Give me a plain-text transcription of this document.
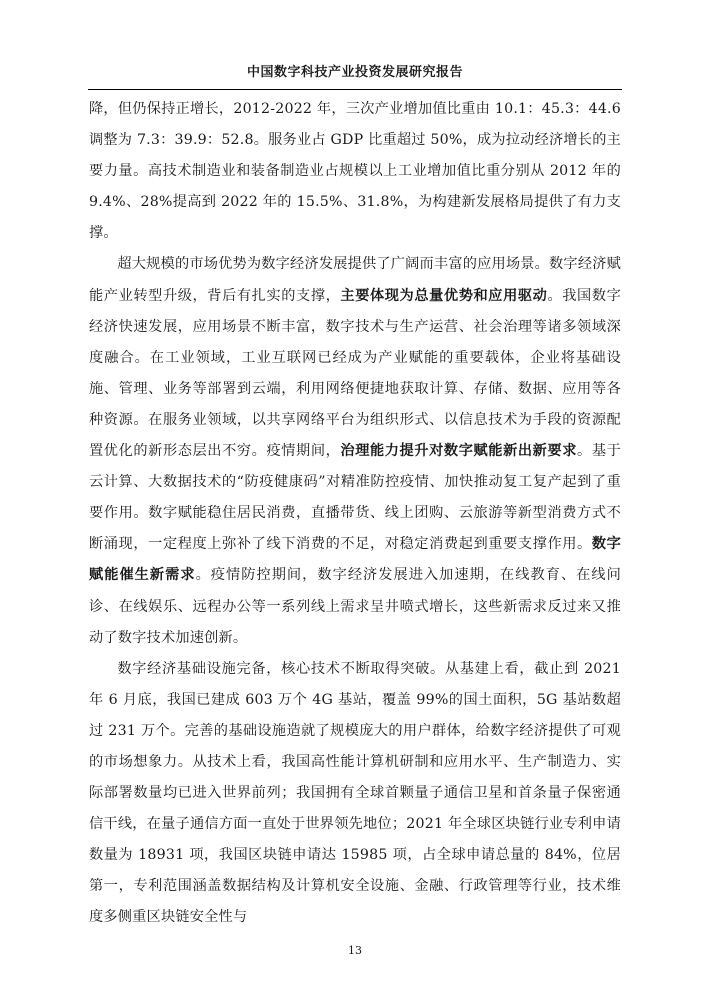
中国数字科技产业投资发展研究报告

降，但仍保持正增长，2012-2022 年，三次产业增加值比重由 10.1：45.3：44.6 调整为 7.3：39.9：52.8。服务业占 GDP 比重超过 50%，成为拉动经济增长的主要力量。高技术制造业和装备制造业占规模以上工业增加值比重分别从 2012 年的 9.4%、28%提高到 2022 年的 15.5%、31.8%，为构建新发展格局提供了有力支撑。

超大规模的市场优势为数字经济发展提供了广阔而丰富的应用场景。数字经济赋能产业转型升级，背后有扎实的支撑，主要体现为总量优势和应用驱动。我国数字经济快速发展，应用场景不断丰富，数字技术与生产运营、社会治理等诸多领域深度融合。在工业领域，工业互联网已经成为产业赋能的重要载体，企业将基础设施、管理、业务等部署到云端，利用网络便捷地获取计算、存储、数据、应用等各种资源。在服务业领域，以共享网络平台为组织形式、以信息技术为手段的资源配置优化的新形态层出不穷。疫情期间，治理能力提升对数字赋能新出新要求。基于云计算、大数据技术的“防疫健康码”对精准防控疫情、加快推动复工复产起到了重要作用。数字赋能稳住居民消费，直播带货、线上团购、云旅游等新型消费方式不断涌现，一定程度上弥补了线下消费的不足，对稳定消费起到重要支撑作用。数字赋能催生新需求。疫情防控期间，数字经济发展进入加速期，在线教育、在线问诊、在线娱乐、远程办公等一系列线上需求呈井喷式增长，这些新需求反过来又推动了数字技术加速创新。

数字经济基础设施完备，核心技术不断取得突破。从基建上看，截止到 2021 年 6 月底，我国已建成 603 万个 4G 基站，覆盖 99%的国土面积，5G 基站数超过 231 万个。完善的基础设施造就了规模庞大的用户群体，给数字经济提供了可观的市场想象力。从技术上看，我国高性能计算机研制和应用水平、生产制造力、实际部署数量均已进入世界前列；我国拥有全球首颗量子通信卫星和首条量子保密通信干线，在量子通信方面一直处于世界领先地位；2021 年全球区块链行业专利申请数量为 18931 项，我国区块链申请达 15985 项，占全球申请总量的 84%，位居第一，专利范围涵盖数据结构及计算机安全设施、金融、行政管理等行业，技术维度多侧重区块链安全性与

13
